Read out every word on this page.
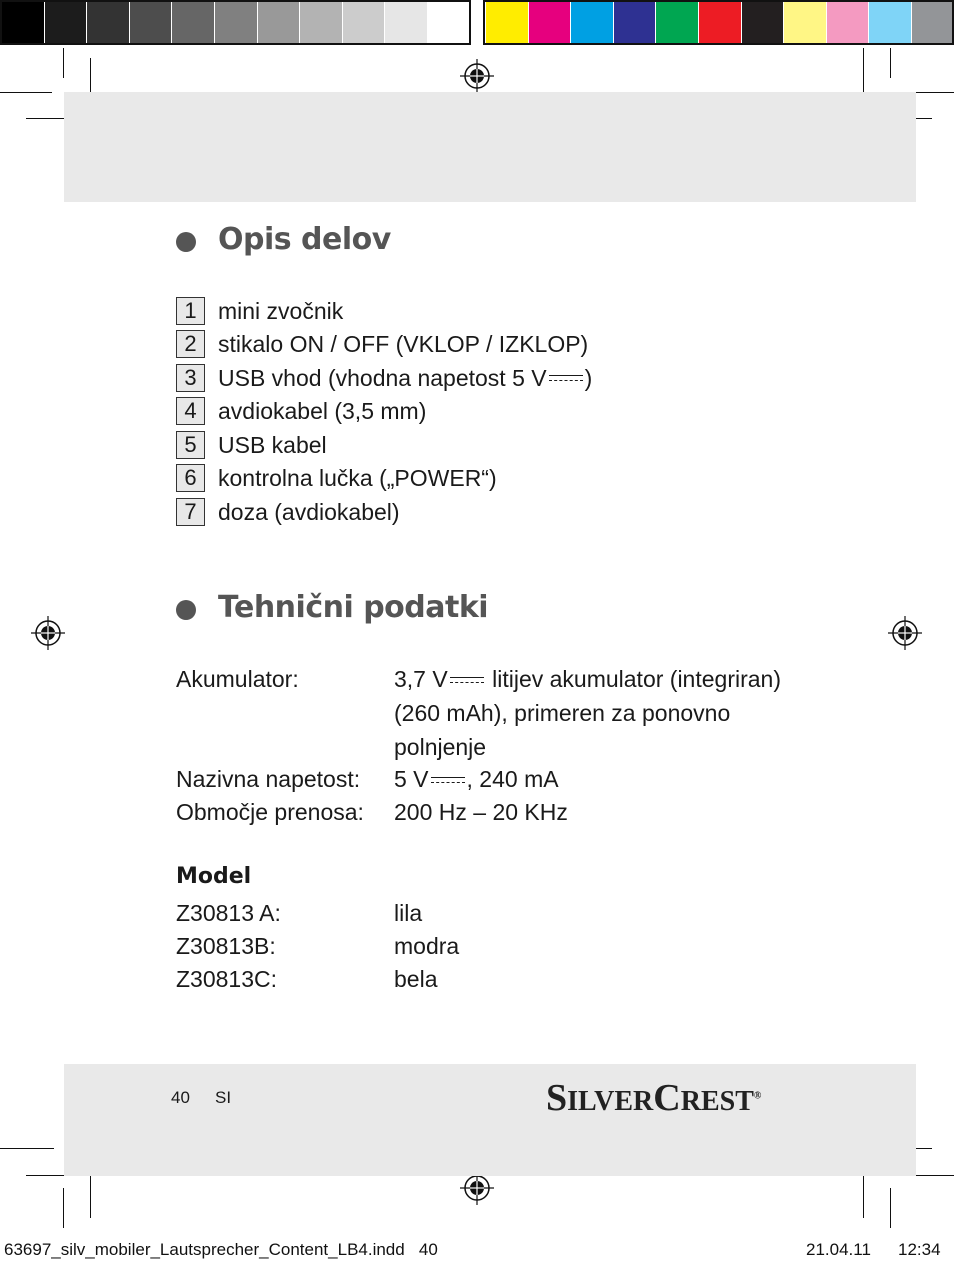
Opis delov
1 mini zvočnik
2 stikalo ON / OFF (VKLOP / IZKLOP)
3 USB vhod (vhodna napetost 5 V )
4 avdiokabel (3,5 mm)
5 USB kabel
6 kontrolna lučka („POWER“)
7 doza (avdiokabel)
Tehnični podatki
Akumulator:	3,7 V litijev akumulator (integriran) (260 mAh), primeren za ponovno polnjenje
Nazivna napetost:	5 V , 240 mA
Območje prenosa:	200 Hz – 20 KHz
Model
Z30813 A:	lila
Z30813B:	modra
Z30813C:	bela
40 SI	SILVERCREST®
63697_silv_mobiler_Lautsprecher_Content_LB4.indd   40	21.04.11 12:34
